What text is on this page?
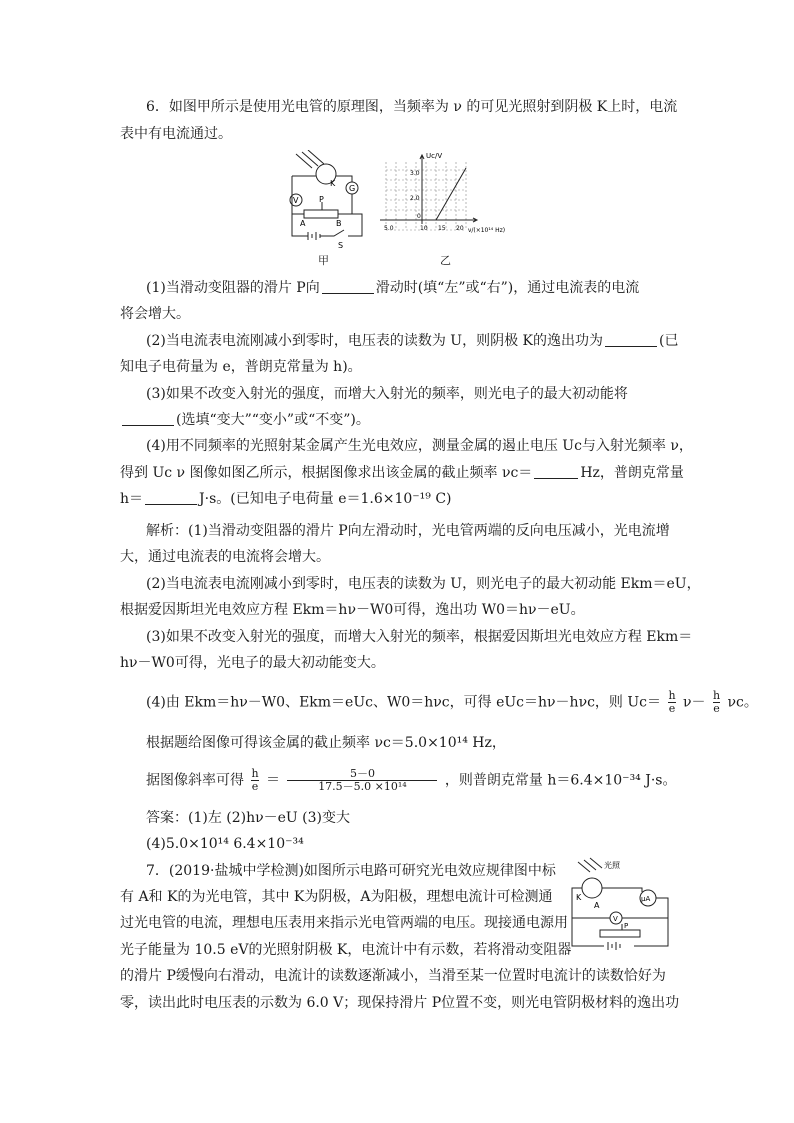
6．如图甲所示是使用光电管的原理图，当频率为 ν 的可见光照射到阴极 K上时，电流
表中有电流通过。
K
G
V	P
A	B
S
甲
Uc/V
3.0
2.0
0
5.0	10 15 20 ν/(×10¹⁴ Hz)
乙
(1)当滑动变阻器的滑片 P向	滑动时(填“左”或“右”)，通过电流表的电流
将会增大。
(2)当电流表电流刚减小到零时，电压表的读数为 U，则阴极 K的逸出功为	(已
知电子电荷量为 e，普朗克常量为 h)。
(3)如果不改变入射光的强度，而增大入射光的频率，则光电子的最大初动能将
(选填“变大”“变小”或“不变”)。
(4)用不同频率的光照射某金属产生光电效应，测量金属的遏止电压 Uc与入射光频率 ν，
得到 Uc ν 图像如图乙所示，根据图像求出该金属的截止频率 νc＝	Hz，普朗克常量
h＝	J·s。(已知电子电荷量 e＝1.6×10⁻¹⁹ C)
解析：(1)当滑动变阻器的滑片 P向左滑动时，光电管两端的反向电压减小，光电流增
大，通过电流表的电流将会增大。
(2)当电流表电流刚减小到零时，电压表的读数为 U，则光电子的最大初动能 Ekm＝eU，
根据爱因斯坦光电效应方程 Ekm＝hν－W0可得，逸出功 W0＝hν－eU。
(3)如果不改变入射光的强度，而增大入射光的频率，根据爱因斯坦光电效应方程 Ekm＝
hν－W0可得，光电子的最大初动能变大。
(4)由 Ekm＝hν－W0、Ekm＝eUc、W0＝hνc，可得 eUc＝hν－hνc，则 $Uc= \frac{h}{e} \nu- \frac{h}{e}$ νc。
根据题给图像可得该金属的截止频率 νc＝5.0×10¹⁴ Hz，
据图像斜率可得 $\frac{h}{e} = \frac{5-0}{\text{17.5－5.0 ×10¹⁴}}$ ，则普朗克常量 h＝6.4×10⁻³⁴ J·s。
答案：(1)左 (2)hν－eU (3)变大
(4)5.0×10¹⁴ 6.4×10⁻³⁴
7．(2019·盐城中学检测)如图所示电路可研究光电效应规律图中标
有 A和 K的为光电管，其中 K为阴极，A为阳极，理想电流计可检测通
过光电管的电流，理想电压表用来指示光电管两端的电压。现接通电源用
光子能量为 10.5 eV的光照射阴极 K，电流计中有示数，若将滑动变阻器
的滑片 P缓慢向右滑动，电流计的读数逐渐减小，当滑至某一位置时电流计的读数恰好为
零，读出此时电压表的示数为 6.0 V；现保持滑片 P位置不变，则光电管阴极材料的逸出功
光照
K
A
V
μA
P
